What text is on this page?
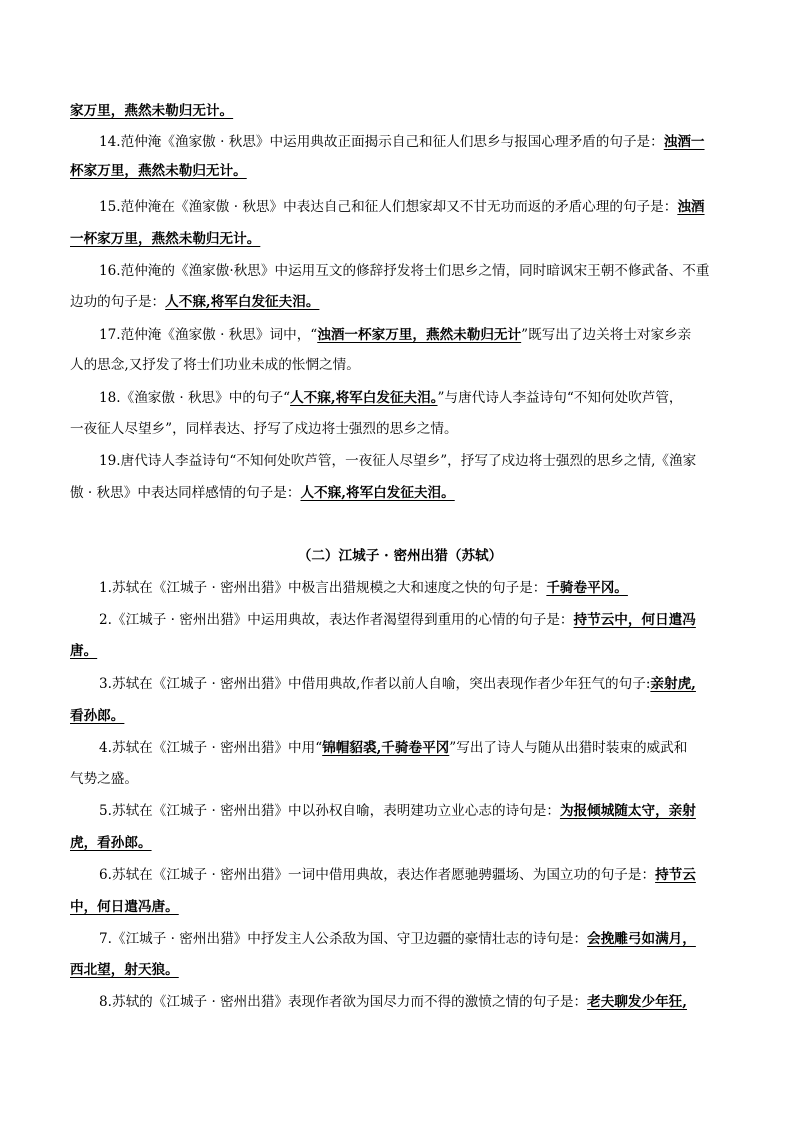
家万里，燕然未勒归无计。
14.范仲淹《渔家傲 · 秋思》中运用典故正面揭示自己和征人们思乡与报国心理矛盾的句子是：浊酒一
杯家万里，燕然未勒归无计。
15.范仲淹在《渔家傲 · 秋思》中表达自己和征人们想家却又不甘无功而返的矛盾心理的句子是：浊酒
一杯家万里，燕然未勒归无计。
16.范仲淹的《渔家傲·秋思》中运用互文的修辞抒发将士们思乡之情，同时暗讽宋王朝不修武备、不重
边功的句子是：人不寐,将军白发征夫泪。
17.范仲淹《渔家傲 · 秋思》词中，“浊酒一杯家万里，燕然未勒归无计”既写出了边关将士对家乡亲
人的思念,又抒发了将士们功业未成的怅惘之情。
18.《渔家傲 · 秋思》中的句子“人不寐,将军白发征夫泪。”与唐代诗人李益诗句“不知何处吹芦管，
一夜征人尽望乡”，同样表达、抒写了戍边将士强烈的思乡之情。
19.唐代诗人李益诗句“不知何处吹芦管，一夜征人尽望乡”，抒写了戍边将士强烈的思乡之情,《渔家
傲 · 秋思》中表达同样感情的句子是：人不寐,将军白发征夫泪。
（二）江城子 · 密州出猎（苏轼）
1.苏轼在《江城子 · 密州出猎》中极言出猎规模之大和速度之快的句子是：千骑卷平冈。
2.《江城子 · 密州出猎》中运用典故，表达作者渴望得到重用的心情的句子是：持节云中，何日遣冯
唐。
3.苏轼在《江城子 · 密州出猎》中借用典故,作者以前人自喻，突出表现作者少年狂气的句子:亲射虎,
看孙郎。
4.苏轼在《江城子 · 密州出猎》中用“锦帽貂裘,千骑卷平冈”写出了诗人与随从出猎时装束的威武和
气势之盛。
5.苏轼在《江城子 · 密州出猎》中以孙权自喻，表明建功立业心志的诗句是：为报倾城随太守，亲射
虎，看孙郎。
6.苏轼在《江城子 · 密州出猎》一词中借用典故，表达作者愿驰骋疆场、为国立功的句子是：持节云
中，何日遣冯唐。
7.《江城子 · 密州出猎》中抒发主人公杀敌为国、守卫边疆的豪情壮志的诗句是：会挽雕弓如满月，
西北望，射天狼。
8.苏轼的《江城子 · 密州出猎》表现作者欲为国尽力而不得的激愤之情的句子是：老夫聊发少年狂,
